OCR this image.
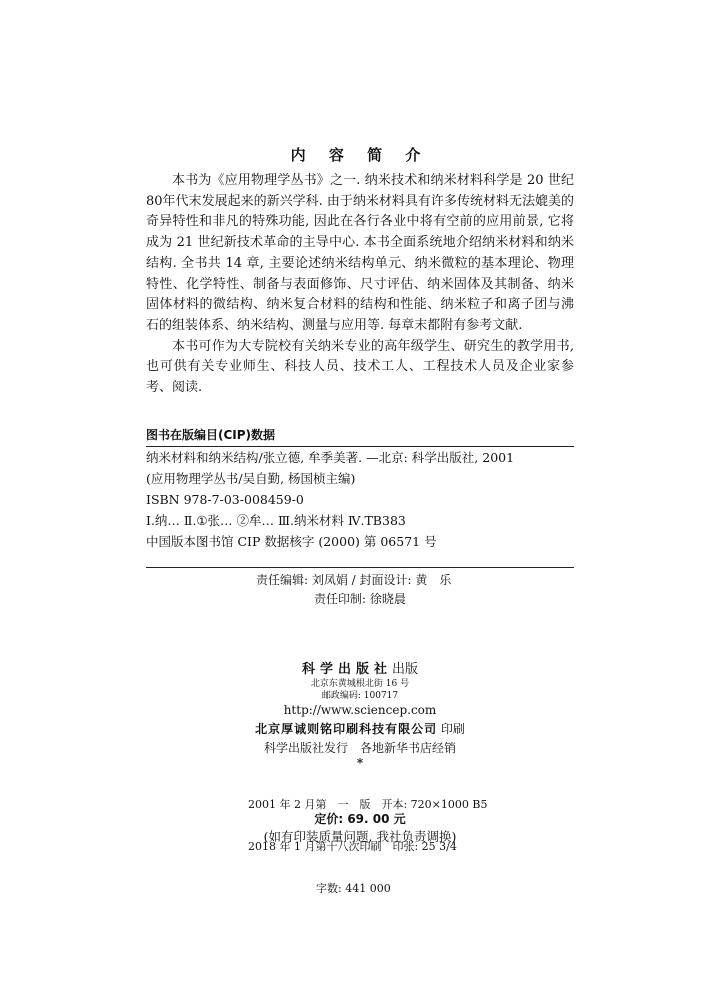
内 容 简 介

本书为《应用物理学丛书》之一. 纳米技术和纳米材料科学是 20 世纪 80年代末发展起来的新兴学科. 由于纳米材料具有许多传统材料无法媲美的奇异特性和非凡的特殊功能, 因此在各行各业中将有空前的应用前景, 它将成为 21 世纪新技术革命的主导中心. 本书全面系统地介绍纳米材料和纳米结构. 全书共 14 章, 主要论述纳米结构单元、纳米微粒的基本理论、物理特性、化学特性、制备与表面修饰、尺寸评估、纳米固体及其制备、纳米固体材料的微结构、纳米复合材料的结构和性能、纳米粒子和离子团与沸石的组装体系、纳米结构、测量与应用等. 每章末都附有参考文献.

本书可作为大专院校有关纳米专业的高年级学生、研究生的教学用书, 也可供有关专业师生、科技人员、技术工人、工程技术人员及企业家参考、阅读.

图书在版编目(CIP)数据
纳米材料和纳米结构/张立德, 牟季美著. —北京: 科学出版社, 2001
(应用物理学丛书/吴自勤, 杨国桢主编)
ISBN 978-7-03-008459-0
Ⅰ.纳… Ⅱ.①张… ②牟… Ⅲ.纳米材料 Ⅳ.TB383
中国版本图书馆 CIP 数据核字 (2000) 第 06571 号
责任编辑: 刘凤娟 / 封面设计: 黄　乐
责任印制: 徐晓晨
科学出版社出版
北京东黄城根北街 16 号
邮政编码: 100717
http://www.sciencep.com
北京厚诚则铭印刷科技有限公司 印刷
科学出版社发行　各地新华书店经销
*

2001 年 2 月第　一　版　开本: 720×1000 B5

2018 年 1 月第十八次印刷　印张: 25 3/4

字数: 441 000

定价: 69. 00 元
(如有印装质量问题, 我社负责调换)
